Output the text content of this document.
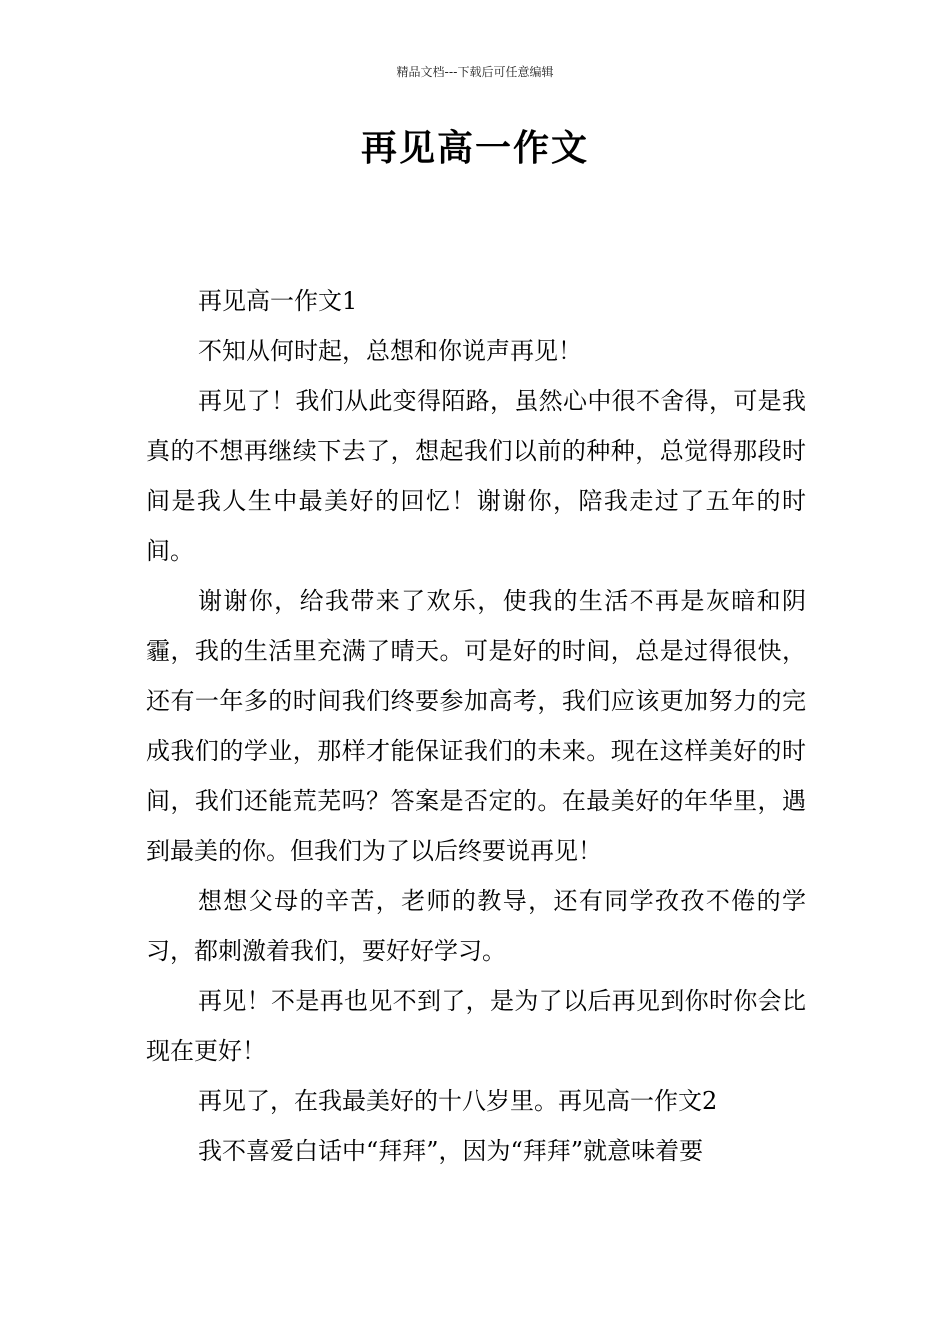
精品文档---下载后可任意编辑
再见高一作文

再见高一作文1

不知从何时起，总想和你说声再见！

再见了！我们从此变得陌路，虽然心中很不舍得，可是我真的不想再继续下去了，想起我们以前的种种，总觉得那段时间是我人生中最美好的回忆！谢谢你，陪我走过了五年的时间。

谢谢你，给我带来了欢乐，使我的生活不再是灰暗和阴霾，我的生活里充满了晴天。可是好的时间，总是过得很快，还有一年多的时间我们终要参加高考，我们应该更加努力的完成我们的学业，那样才能保证我们的未来。现在这样美好的时间，我们还能荒芜吗？答案是否定的。在最美好的年华里，遇到最美的你。但我们为了以后终要说再见！

想想父母的辛苦，老师的教导，还有同学孜孜不倦的学习，都刺激着我们，要好好学习。

再见！不是再也见不到了，是为了以后再见到你时你会比现在更好！

再见了，在我最美好的十八岁里。再见高一作文2

我不喜爱白话中“拜拜”，因为“拜拜”就意味着要
